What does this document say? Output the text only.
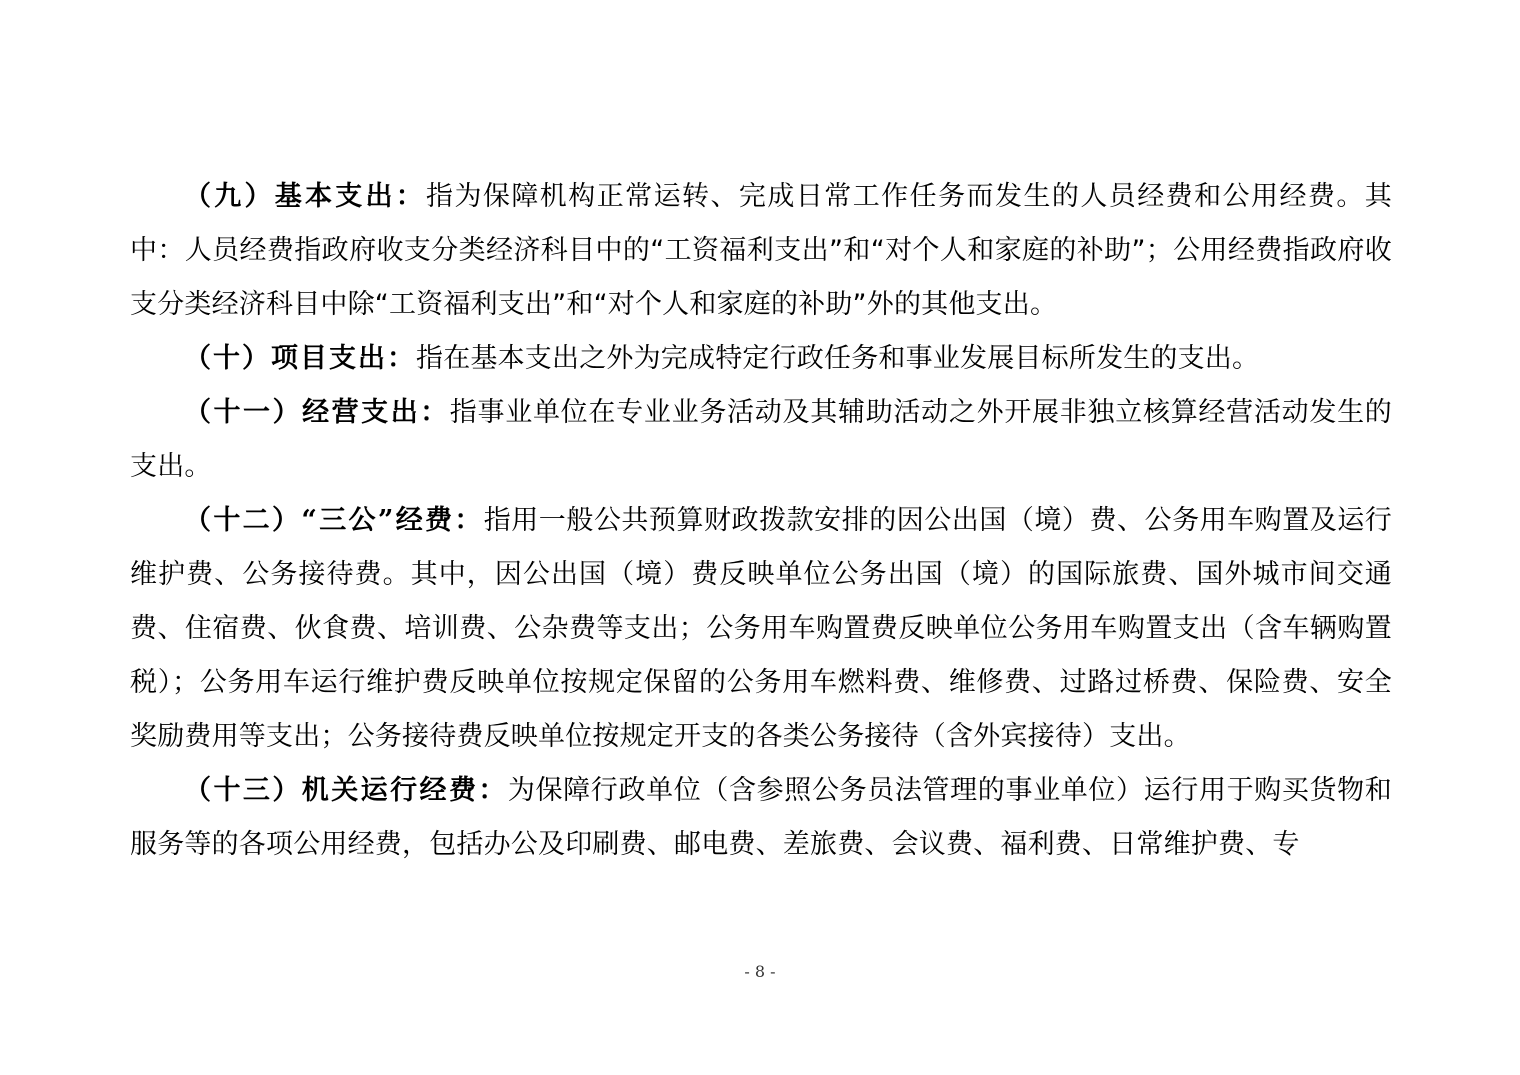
（九）基本支出：指为保障机构正常运转、完成日常工作任务而发生的人员经费和公用经费。其中：人员经费指政府收支分类经济科目中的“工资福利支出”和“对个人和家庭的补助”；公用经费指政府收支分类经济科目中除“工资福利支出”和“对个人和家庭的补助”外的其他支出。

（十）项目支出：指在基本支出之外为完成特定行政任务和事业发展目标所发生的支出。

（十一）经营支出：指事业单位在专业业务活动及其辅助活动之外开展非独立核算经营活动发生的支出。

（十二）“三公”经费：指用一般公共预算财政拨款安排的因公出国（境）费、公务用车购置及运行维护费、公务接待费。其中，因公出国（境）费反映单位公务出国（境）的国际旅费、国外城市间交通费、住宿费、伙食费、培训费、公杂费等支出；公务用车购置费反映单位公务用车购置支出（含车辆购置税）；公务用车运行维护费反映单位按规定保留的公务用车燃料费、维修费、过路过桥费、保险费、安全奖励费用等支出；公务接待费反映单位按规定开支的各类公务接待（含外宾接待）支出。

（十三）机关运行经费：为保障行政单位（含参照公务员法管理的事业单位）运行用于购买货物和服务等的各项公用经费，包括办公及印刷费、邮电费、差旅费、会议费、福利费、日常维护费、专

- 8 -
